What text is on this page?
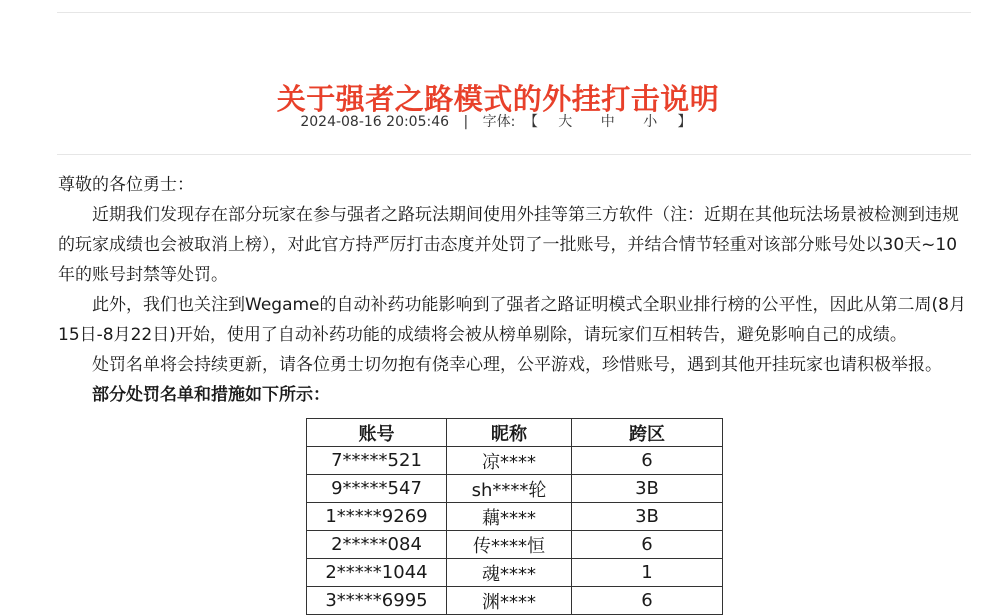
关于强者之路模式的外挂打击说明
2024-08-16 20:05:46 | 字体: 【 大 中 小 】

尊敬的各位勇士：

近期我们发现存在部分玩家在参与强者之路玩法期间使用外挂等第三方软件（注：近期在其他玩法场景被检测到违规的玩家成绩也会被取消上榜），对此官方持严厉打击态度并处罚了一批账号，并结合情节轻重对该部分账号处以30天~10年的账号封禁等处罚。

此外，我们也关注到Wegame的自动补药功能影响到了强者之路证明模式全职业排行榜的公平性，因此从第二周(8月15日-8月22日)开始，使用了自动补药功能的成绩将会被从榜单剔除，请玩家们互相转告，避免影响自己的成绩。

处罚名单将会持续更新，请各位勇士切勿抱有侥幸心理，公平游戏，珍惜账号，遇到其他开挂玩家也请积极举报。

部分处罚名单和措施如下所示：

账号	昵称	跨区
7*****521	凉****	6
9*****547	sh****轮	3B
1*****9269	藕****	3B
2*****084	传****恒	6
2*****1044	魂****	1
3*****6995	渊****	6
